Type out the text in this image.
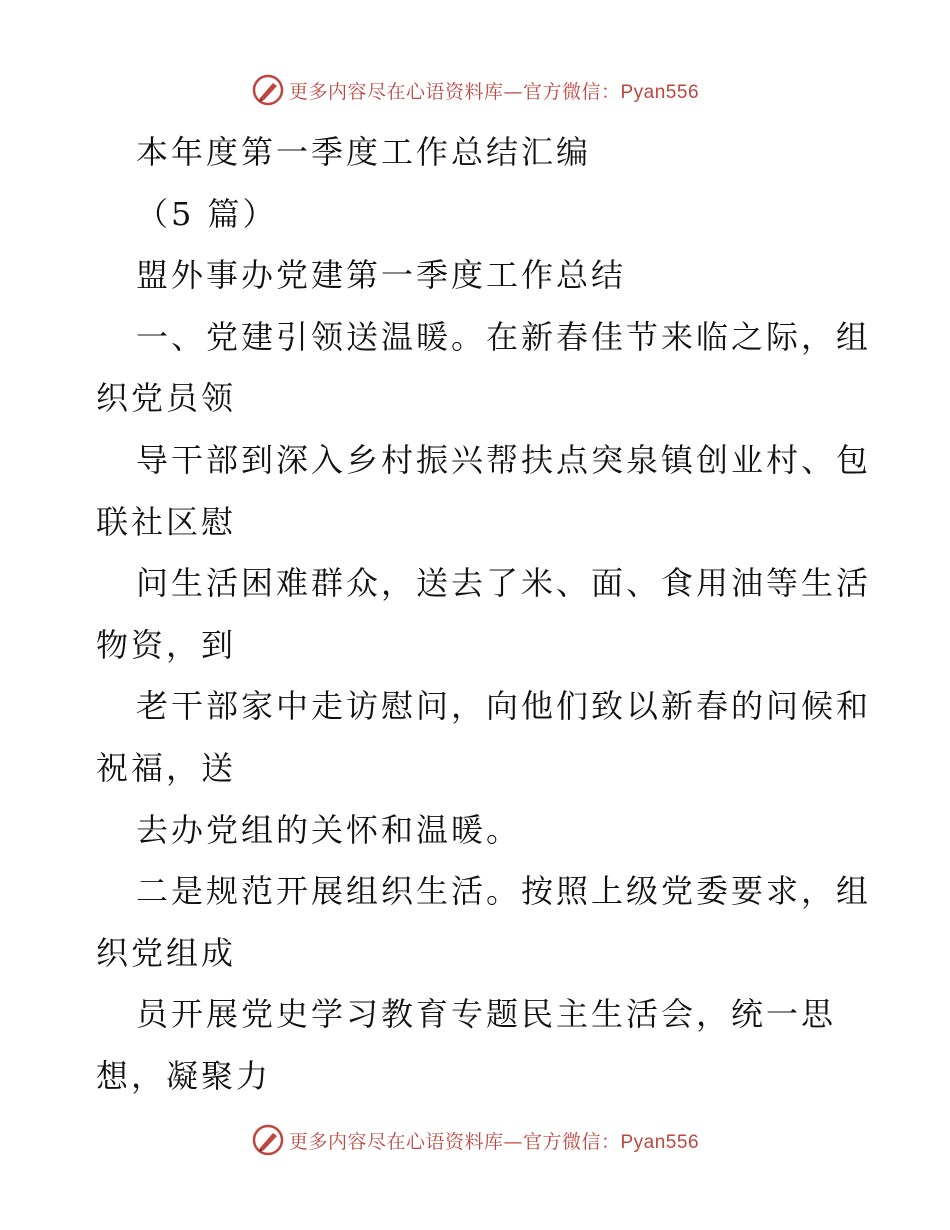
更多内容尽在心语资料库—官方微信：Pyan556
本年度第一季度工作总结汇编
（5 篇）
盟外事办党建第一季度工作总结
一、党建引领送温暖。在新春佳节来临之际，组
织党员领
导干部到深入乡村振兴帮扶点突泉镇创业村、包
联社区慰
问生活困难群众，送去了米、面、食用油等生活
物资，到
老干部家中走访慰问，向他们致以新春的问候和
祝福，送
去办党组的关怀和温暖。
二是规范开展组织生活。按照上级党委要求，组
织党组成
员开展党史学习教育专题民主生活会，统一思
想，凝聚力
更多内容尽在心语资料库—官方微信：Pyan556
